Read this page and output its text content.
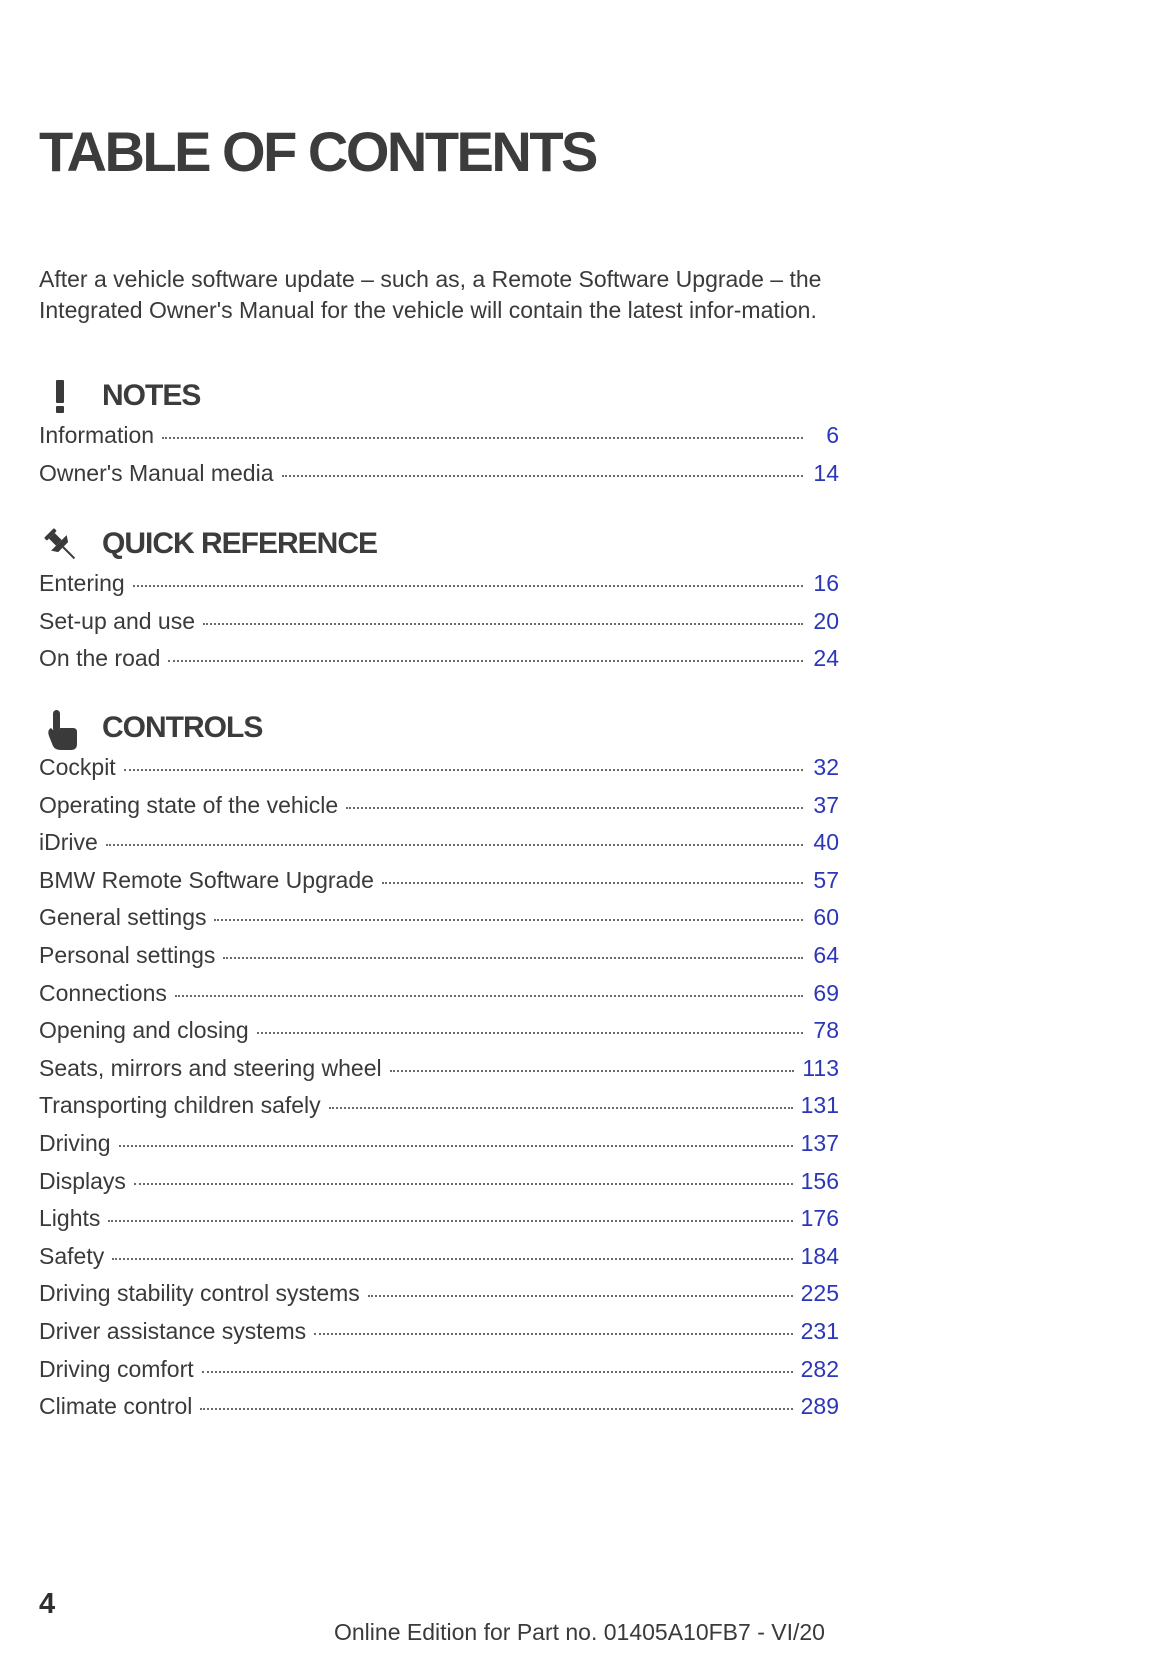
TABLE OF CONTENTS
After a vehicle software update – such as, a Remote Software Upgrade – the Integrated Owner's Manual for the vehicle will contain the latest infor-mation.
NOTES
Information	6
Owner's Manual media	14
QUICK REFERENCE
Entering	16
Set-up and use	20
On the road	24
CONTROLS
Cockpit	32
Operating state of the vehicle	37
iDrive	40
BMW Remote Software Upgrade	57
General settings	60
Personal settings	64
Connections	69
Opening and closing	78
Seats, mirrors and steering wheel	113
Transporting children safely	131
Driving	137
Displays	156
Lights	176
Safety	184
Driving stability control systems	225
Driver assistance systems	231
Driving comfort	282
Climate control	289
4
Online Edition for Part no. 01405A10FB7 - VI/20
